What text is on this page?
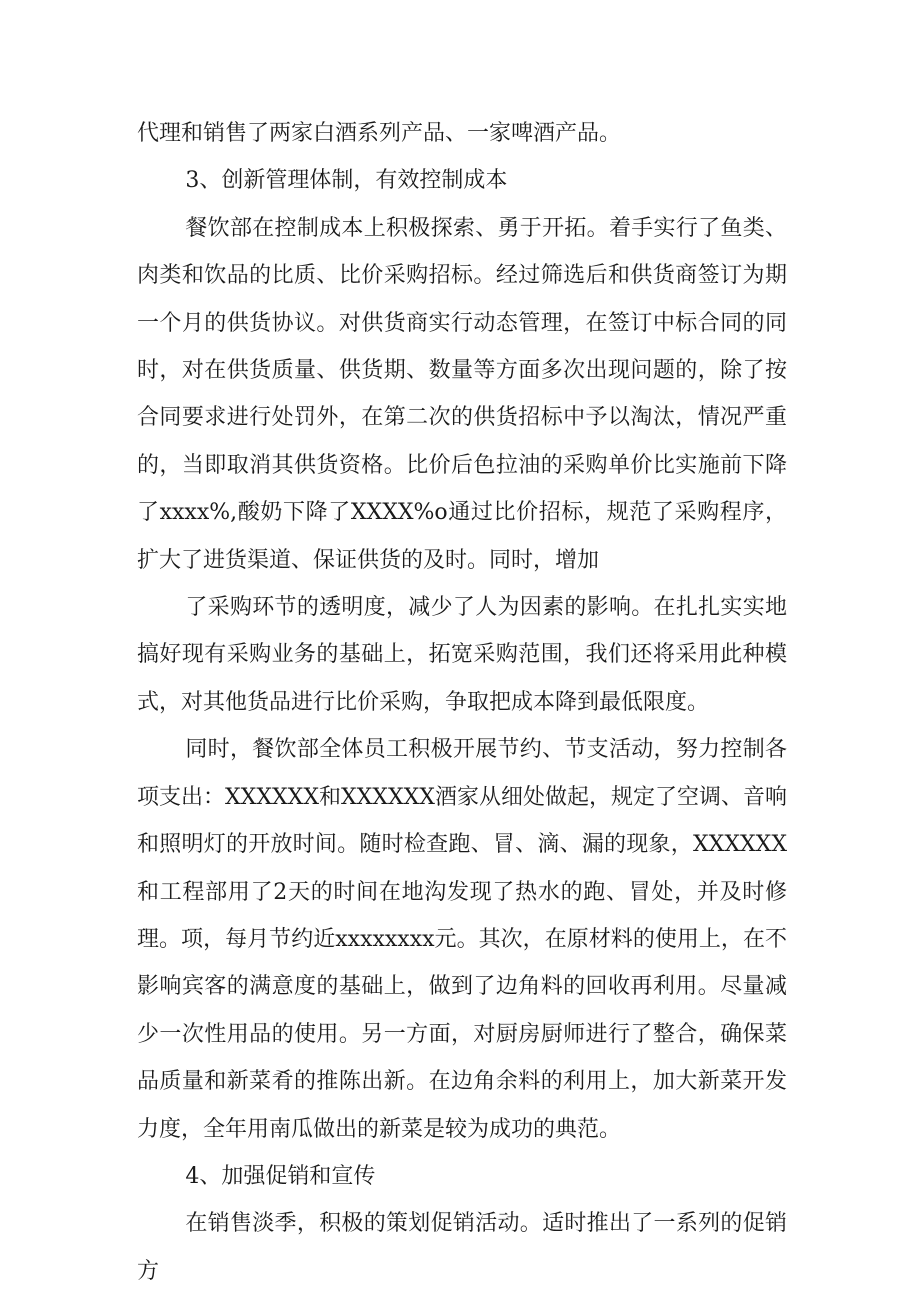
代理和销售了两家白酒系列产品、一家啤酒产品。

3、创新管理体制，有效控制成本

餐饮部在控制成本上积极探索、勇于开拓。着手实行了鱼类、肉类和饮品的比质、比价采购招标。经过筛选后和供货商签订为期一个月的供货协议。对供货商实行动态管理，在签订中标合同的同时，对在供货质量、供货期、数量等方面多次出现问题的，除了按合同要求进行处罚外，在第二次的供货招标中予以淘汰，情况严重的，当即取消其供货资格。比价后色拉油的采购单价比实施前下降了xxxx%,酸奶下降了XXXX%o通过比价招标，规范了采购程序，扩大了进货渠道、保证供货的及时。同时，增加

了采购环节的透明度，减少了人为因素的影响。在扎扎实实地搞好现有采购业务的基础上，拓宽采购范围，我们还将采用此种模式，对其他货品进行比价采购，争取把成本降到最低限度。

同时，餐饮部全体员工积极开展节约、节支活动，努力控制各项支出：XXXXXX和XXXXXX酒家从细处做起，规定了空调、音响和照明灯的开放时间。随时检查跑、冒、滴、漏的现象，XXXXXX和工程部用了2天的时间在地沟发现了热水的跑、冒处，并及时修理。项，每月节约近xxxxxxxx元。其次，在原材料的使用上，在不影响宾客的满意度的基础上，做到了边角料的回收再利用。尽量减少一次性用品的使用。另一方面，对厨房厨师进行了整合，确保菜品质量和新菜肴的推陈出新。在边角余料的利用上，加大新菜开发力度，全年用南瓜做出的新菜是较为成功的典范。

4、加强促销和宣传

在销售淡季，积极的策划促销活动。适时推出了一系列的促销方
